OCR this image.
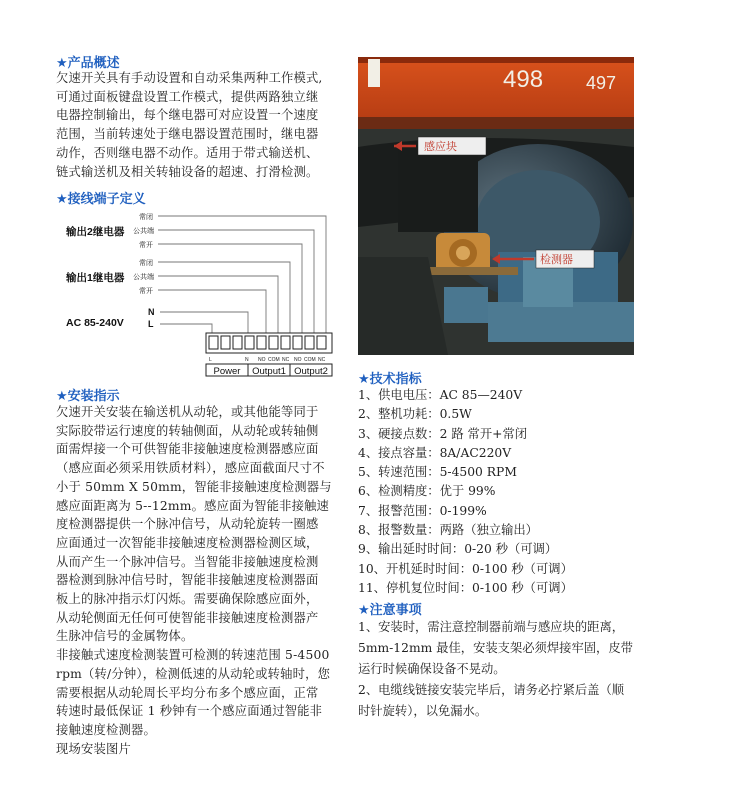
★产品概述
欠速开关具有手动设置和自动采集两种工作模式,
可通过面板键盘设置工作模式，提供两路独立继
电器控制输出，每个继电器可对应设置一个速度
范围，当前转速处于继电器设置范围时，继电器
动作，否则继电器不动作。适用于带式输送机、
链式输送机及相关转轴设备的超速、打滑检测。
★接线端子定义
输出2继电器
输出1继电器
AC 85-240V
常闭
公共端
常开
常闭
公共端
常开
N
L
L	N NO COM NC NO COM NC
Power Output1 Output2
★安装指示
欠速开关安装在输送机从动轮，或其他能等同于
实际胶带运行速度的转轴侧面，从动轮或转轴侧
面需焊接一个可供智能非接触速度检测器感应面
（感应面必须采用铁质材料），感应面截面尺寸不
小于 50mm X 50mm，智能非接触速度检测器与
感应面距离为 5--12mm。感应面为智能非接触速
度检测器提供一个脉冲信号，从动轮旋转一圈感
应面通过一次智能非接触速度检测器检测区域，
从而产生一个脉冲信号。当智能非接触速度检测
器检测到脉冲信号时，智能非接触速度检测器面
板上的脉冲指示灯闪烁。需要确保除感应面外，
从动轮侧面无任何可使智能非接触速度检测器产
生脉冲信号的金属物体。
非接触式速度检测装置可检测的转速范围 5-4500
rpm（转/分钟），检测低速的从动轮或转轴时，您
需要根据从动轮周长平均分布多个感应面，正常
转速时最低保证 1 秒钟有一个感应面通过智能非
接触速度检测器。
现场安装图片
498 497
感应块
检测器
★技术指标
1、供电电压：AC 85—240V
2、整机功耗：0.5W
3、硬接点数：2 路 常开+常闭
4、接点容量：8A/AC220V
5、转速范围：5-4500 RPM
6、检测精度：优于 99%
7、报警范围：0-199%
8、报警数量：两路（独立输出）
9、输出延时时间：0-20 秒（可调）
10、开机延时时间：0-100 秒（可调）
11、停机复位时间：0-100 秒（可调）
★注意事项
1、安装时，需注意控制器前端与感应块的距离，
5mm-12mm 最佳，安装支架必须焊接牢固，皮带
运行时候确保设备不晃动。
2、电缆线链接安装完毕后，请务必拧紧后盖（顺
时针旋转），以免漏水。
